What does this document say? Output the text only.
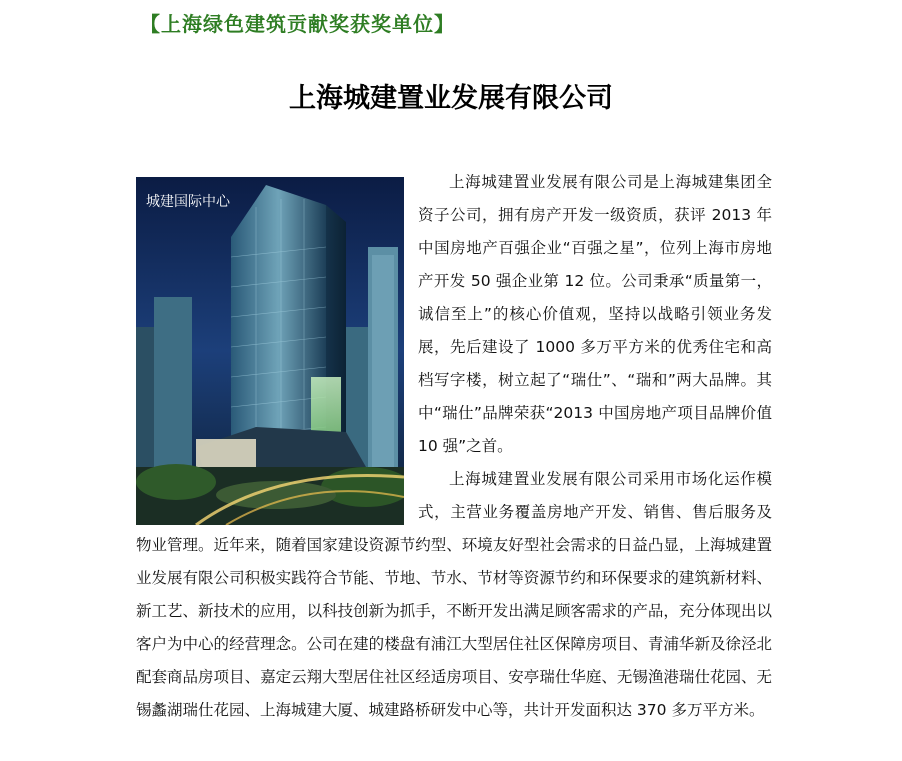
【上海绿色建筑贡献奖获奖单位】
上海城建置业发展有限公司
城建国际中心

上海城建置业发展有限公司是上海城建集团全资子公司，拥有房产开发一级资质，获评 2013 年中国房地产百强企业“百强之星”，位列上海市房地产开发 50 强企业第 12 位。公司秉承“质量第一，诚信至上”的核心价值观，坚持以战略引领业务发展，先后建设了 1000 多万平方米的优秀住宅和高档写字楼，树立起了“瑞仕”、“瑞和”两大品牌。其中“瑞仕”品牌荣获“2013 中国房地产项目品牌价值 10 强”之首。

上海城建置业发展有限公司采用市场化运作模式，主营业务覆盖房地产开发、销售、售后服务及物业管理。近年来，随着国家建设资源节约型、环境友好型社会需求的日益凸显，上海城建置业发展有限公司积极实践符合节能、节地、节水、节材等资源节约和环保要求的建筑新材料、新工艺、新技术的应用，以科技创新为抓手，不断开发出满足顾客需求的产品，充分体现出以客户为中心的经营理念。公司在建的楼盘有浦江大型居住社区保障房项目、青浦华新及徐泾北配套商品房项目、嘉定云翔大型居住社区经适房项目、安亭瑞仕华庭、无锡渔港瑞仕花园、无锡蠡湖瑞仕花园、上海城建大厦、城建路桥研发中心等，共计开发面积达 370 多万平方米。
